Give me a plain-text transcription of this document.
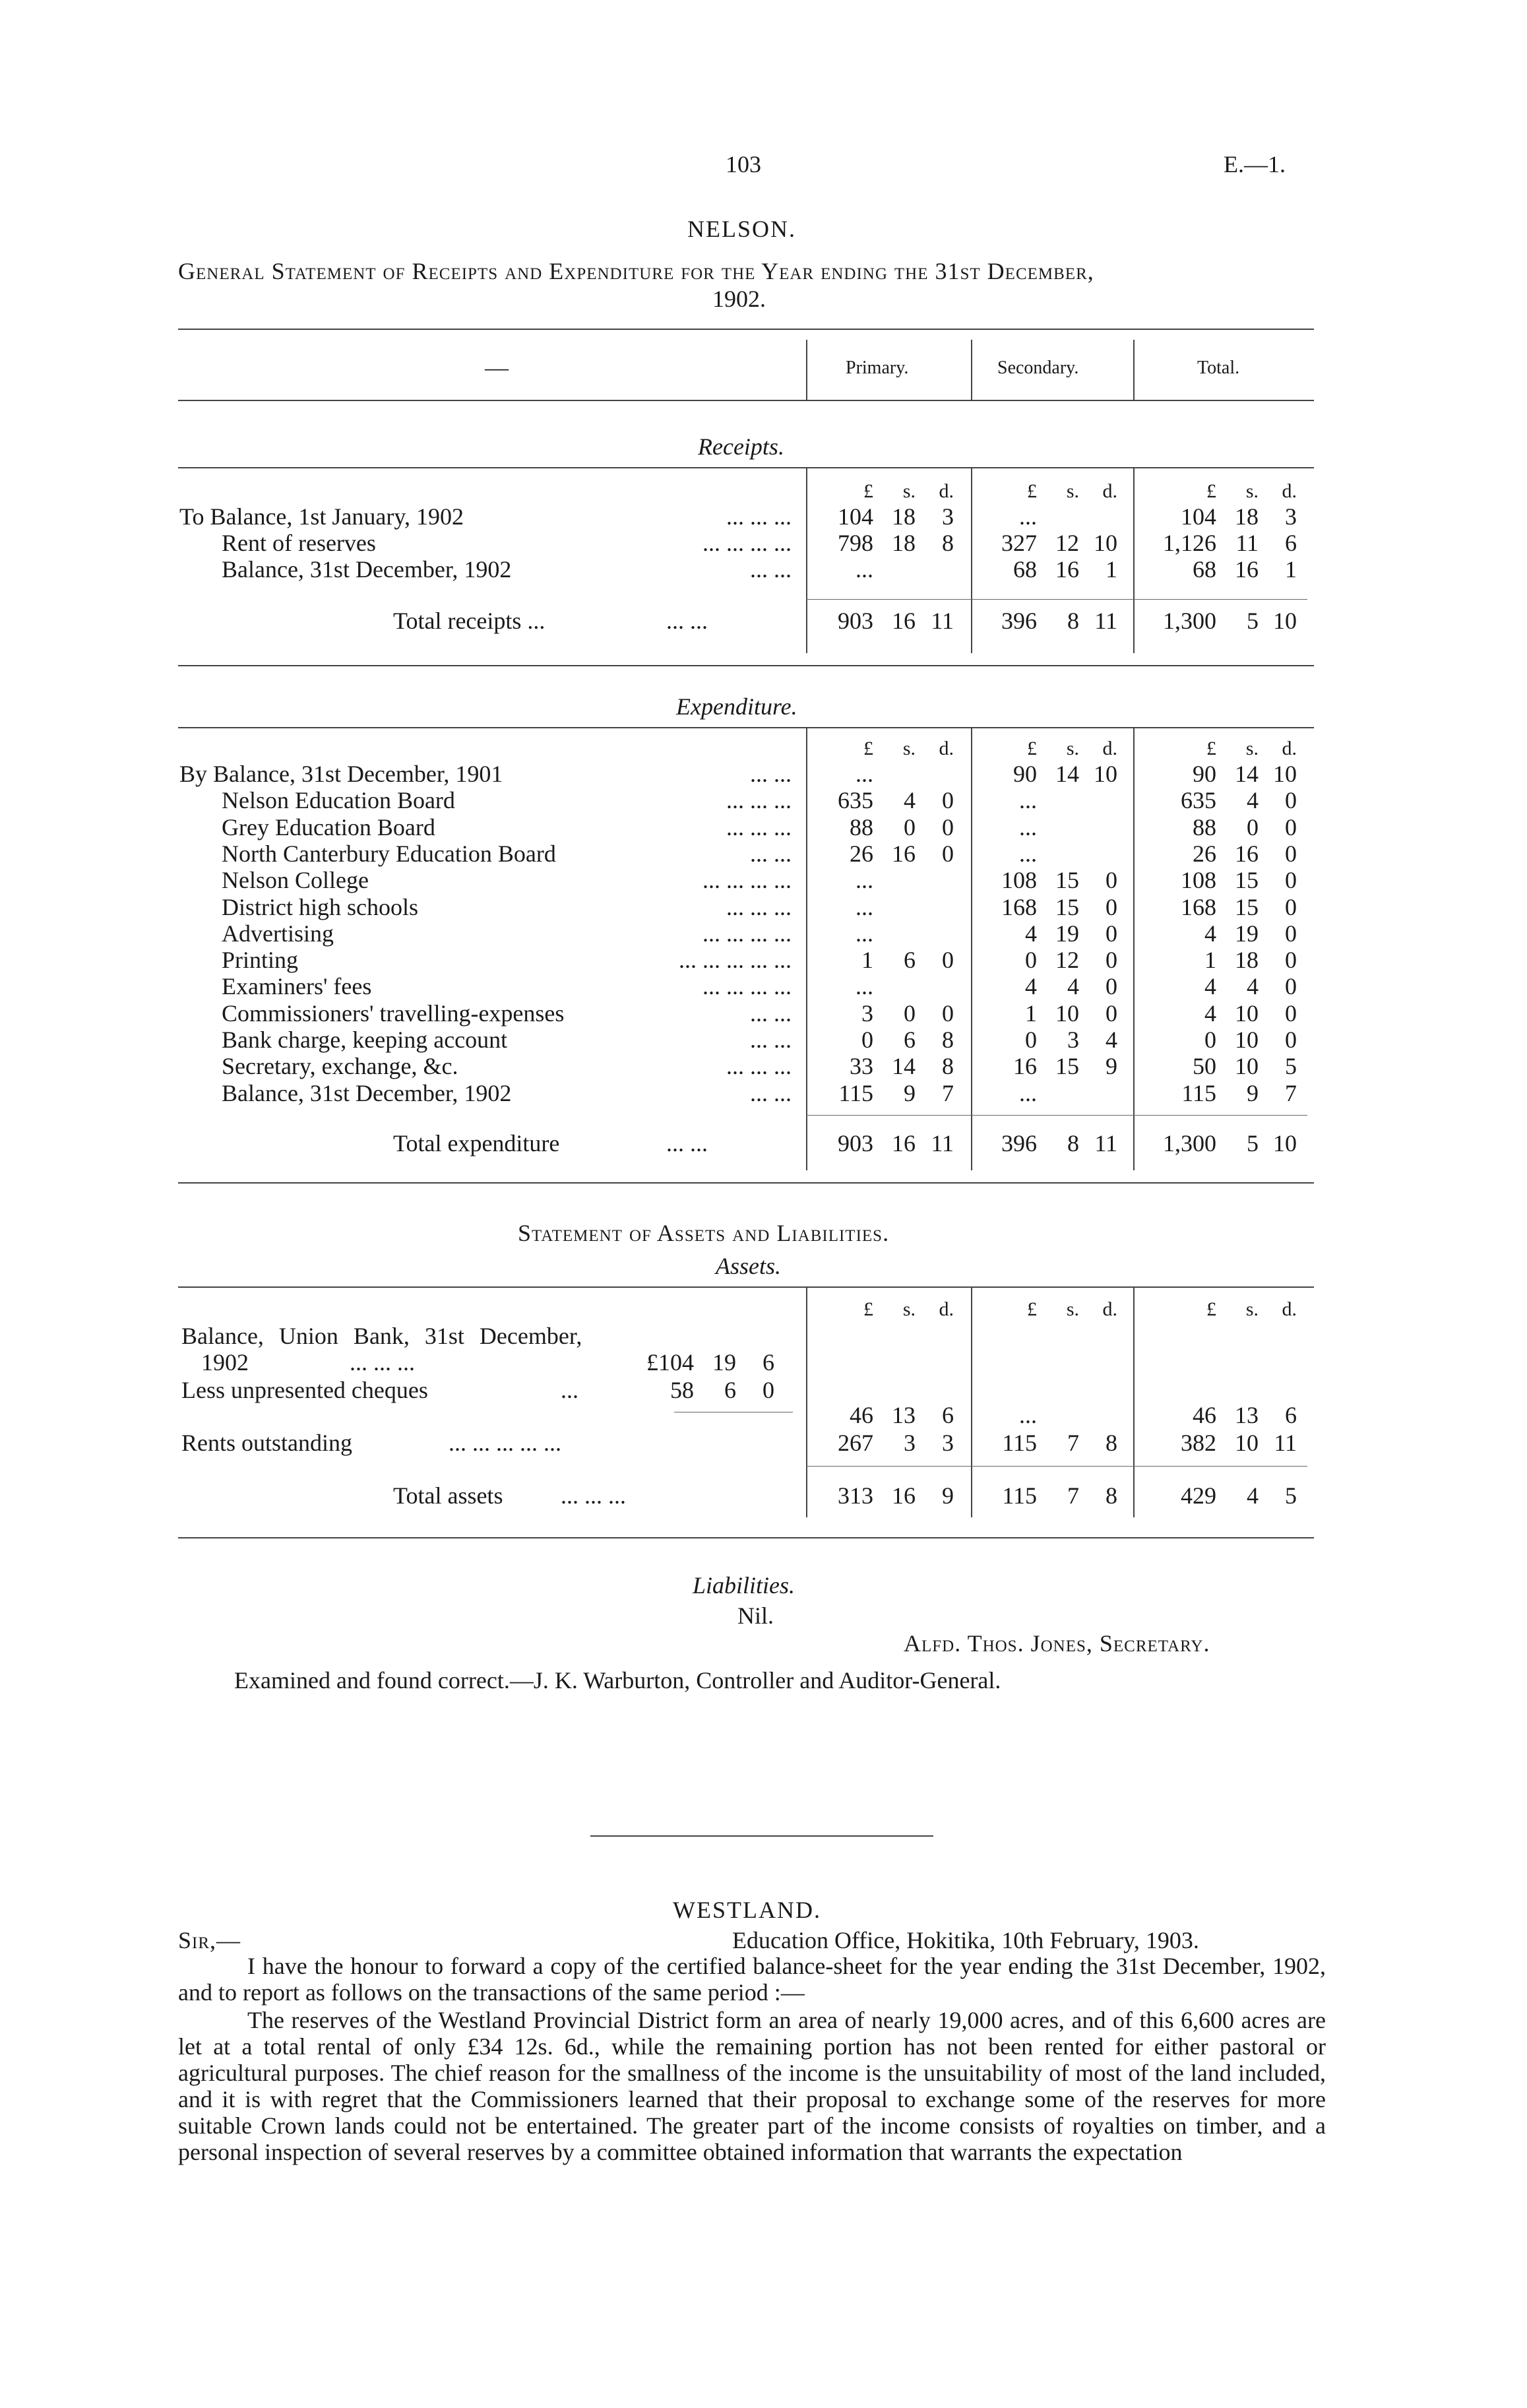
103	E.—1.
NELSON.
General Statement of Receipts and Expenditure for the Year ending the 31st December,
1902.
—	Primary.	Secondary.	Total.
Receipts.
£ s. d.	£ s. d.	£ s. d.
To Balance, 1st January, 1902	... ... ...	104 18 3	...	104 18 3
Rent of reserves	... ... ... ...	798 18 8	327 12 10	1,126 11 6
Balance, 31st December, 1902	... ...	...	68 16 1	68 16 1
Total receipts ...	... ...	903 16 11	396 8 11	1,300 5 10
Expenditure.
£ s. d.	£ s. d.	£ s. d.
By Balance, 31st December, 1901	... ...	...	90 14 10	90 14 10
Nelson Education Board	... ... ...	635 4 0	...	635 4 0
Grey Education Board	... ... ...	88 0 0	...	88 0 0
North Canterbury Education Board	... ...	26 16 0	...	26 16 0
Nelson College	... ... ... ...	...	108 15 0	108 15 0
District high schools	... ... ...	...	168 15 0	168 15 0
Advertising	... ... ... ...	...	4 19 0	4 19 0
Printing	... ... ... ... ...	1 6 0	0 12 0	1 18 0
Examiners' fees	... ... ... ...	...	4 4 0	4 4 0
Commissioners' travelling-expenses	... ...	3 0 0	1 10 0	4 10 0
Bank charge, keeping account	... ...	0 6 8	0 3 4	0 10 0
Secretary, exchange, &c.	... ... ...	33 14 8	16 15 9	50 10 5
Balance, 31st December, 1902	... ...	115 9 7	...	115 9 7
Total expenditure	... ...	903 16 11	396 8 11	1,300 5 10
Statement of Assets and Liabilities.
Assets.
£ s. d.	£ s. d.	£ s. d.
Balance, Union Bank, 31st December,
1902	... ... ...	£104 19 6
Less unpresented cheques	...	58 6 0
46 13 6	...	46 13 6
Rents outstanding	... ... ... ... ...	267 3 3	115 7 8	382 10 11
Total assets ... ... ...	313 16 9	115 7 8	429 4 5
Liabilities.
Nil.
Alfd. Thos. Jones, Secretary.
Examined and found correct.—J. K. Warburton, Controller and Auditor-General.
WESTLAND.
Sir,—	Education Office, Hokitika, 10th February, 1903.
I have the honour to forward a copy of the certified balance-sheet for the year ending the 31st December, 1902, and to report as follows on the transactions of the same period :—
The reserves of the Westland Provincial District form an area of nearly 19,000 acres, and of this 6,600 acres are let at a total rental of only £34 12s. 6d., while the remaining portion has not been rented for either pastoral or agricultural purposes. The chief reason for the smallness of the income is the unsuitability of most of the land included, and it is with regret that the Commissioners learned that their proposal to exchange some of the reserves for more suitable Crown lands could not be entertained. The greater part of the income consists of royalties on timber, and a personal inspection of several reserves by a committee obtained information that warrants the expectation
